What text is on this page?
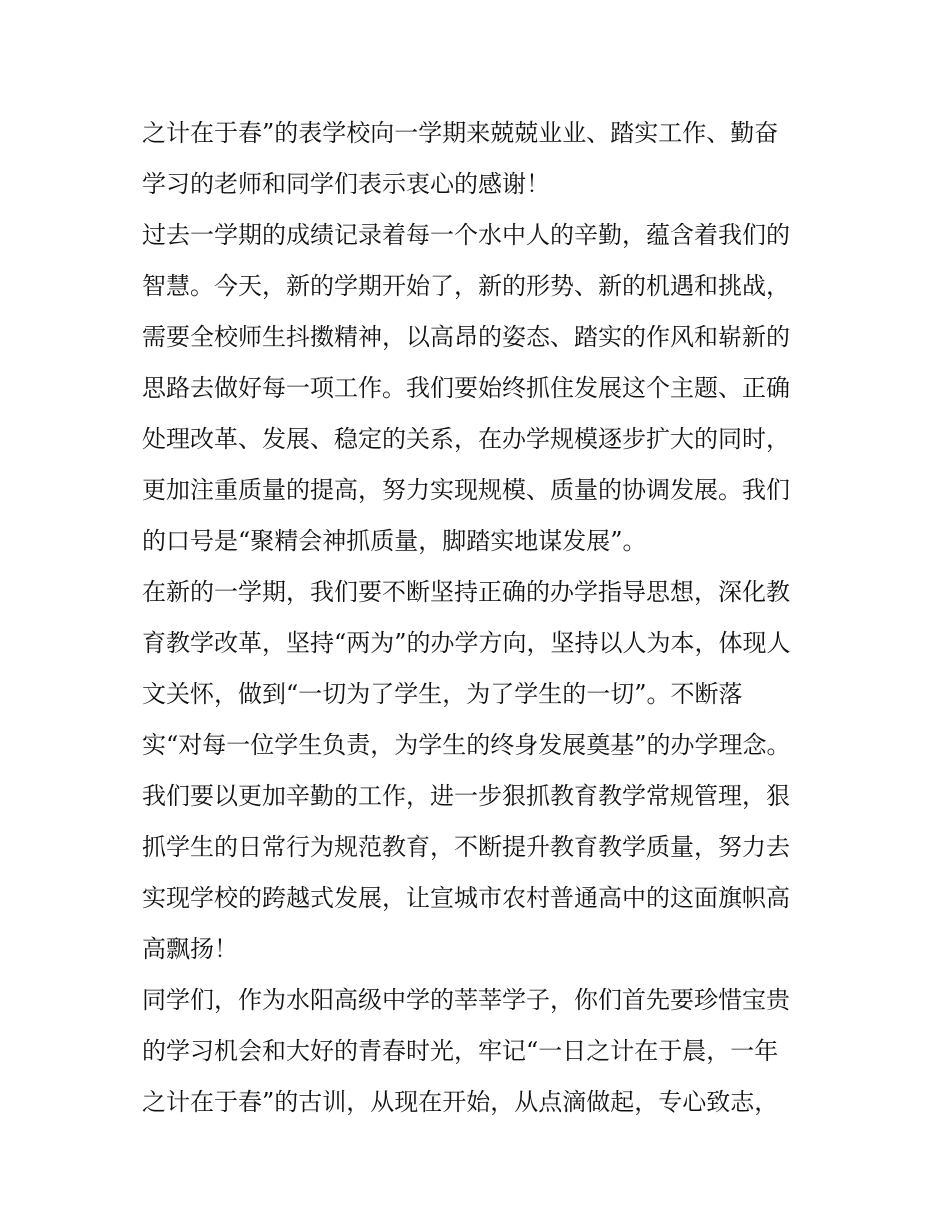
之计在于春”的表学校向一学期来兢兢业业、踏实工作、勤奋
学习的老师和同学们表示衷心的感谢！
过去一学期的成绩记录着每一个水中人的辛勤，蕴含着我们的
智慧。今天，新的学期开始了，新的形势、新的机遇和挑战，
需要全校师生抖擞精神，以高昂的姿态、踏实的作风和崭新的
思路去做好每一项工作。我们要始终抓住发展这个主题、正确
处理改革、发展、稳定的关系，在办学规模逐步扩大的同时，
更加注重质量的提高，努力实现规模、质量的协调发展。我们
的口号是“聚精会神抓质量，脚踏实地谋发展”。
在新的一学期，我们要不断坚持正确的办学指导思想，深化教
育教学改革，坚持“两为”的办学方向，坚持以人为本，体现人
文关怀，做到“一切为了学生，为了学生的一切”。不断落
实“对每一位学生负责，为学生的终身发展奠基”的办学理念。
我们要以更加辛勤的工作，进一步狠抓教育教学常规管理，狠
抓学生的日常行为规范教育，不断提升教育教学质量，努力去
实现学校的跨越式发展，让宣城市农村普通高中的这面旗帜高
高飘扬！
同学们，作为水阳高级中学的莘莘学子，你们首先要珍惜宝贵
的学习机会和大好的青春时光，牢记“一日之计在于晨，一年
之计在于春”的古训，从现在开始，从点滴做起，专心致志，
